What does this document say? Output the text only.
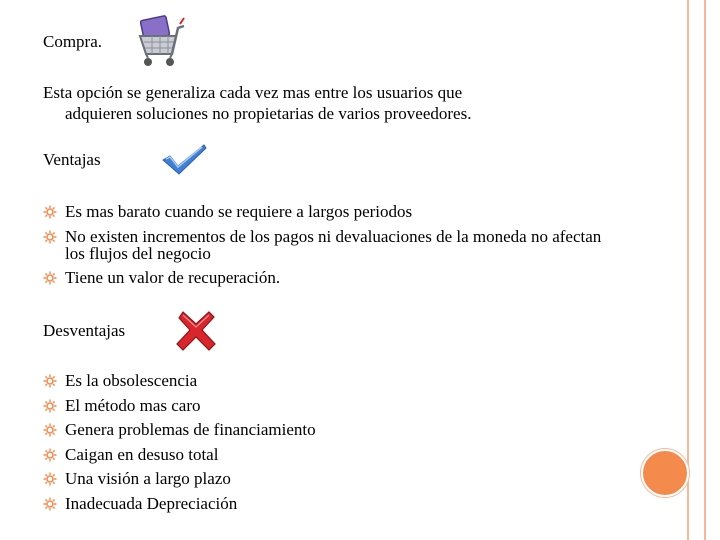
Compra.
Esta opción se generaliza cada vez mas entre los usuarios que
adquieren soluciones no propietarias de varios proveedores.
Ventajas
Es mas barato cuando se requiere a largos periodos
No existen incrementos de los pagos ni devaluaciones de la moneda no afectan los flujos del negocio
Tiene un valor de recuperación.
Desventajas
Es la obsolescencia
El método mas caro
Genera problemas de financiamiento
Caigan en desuso total
Una visión a largo plazo
Inadecuada Depreciación
